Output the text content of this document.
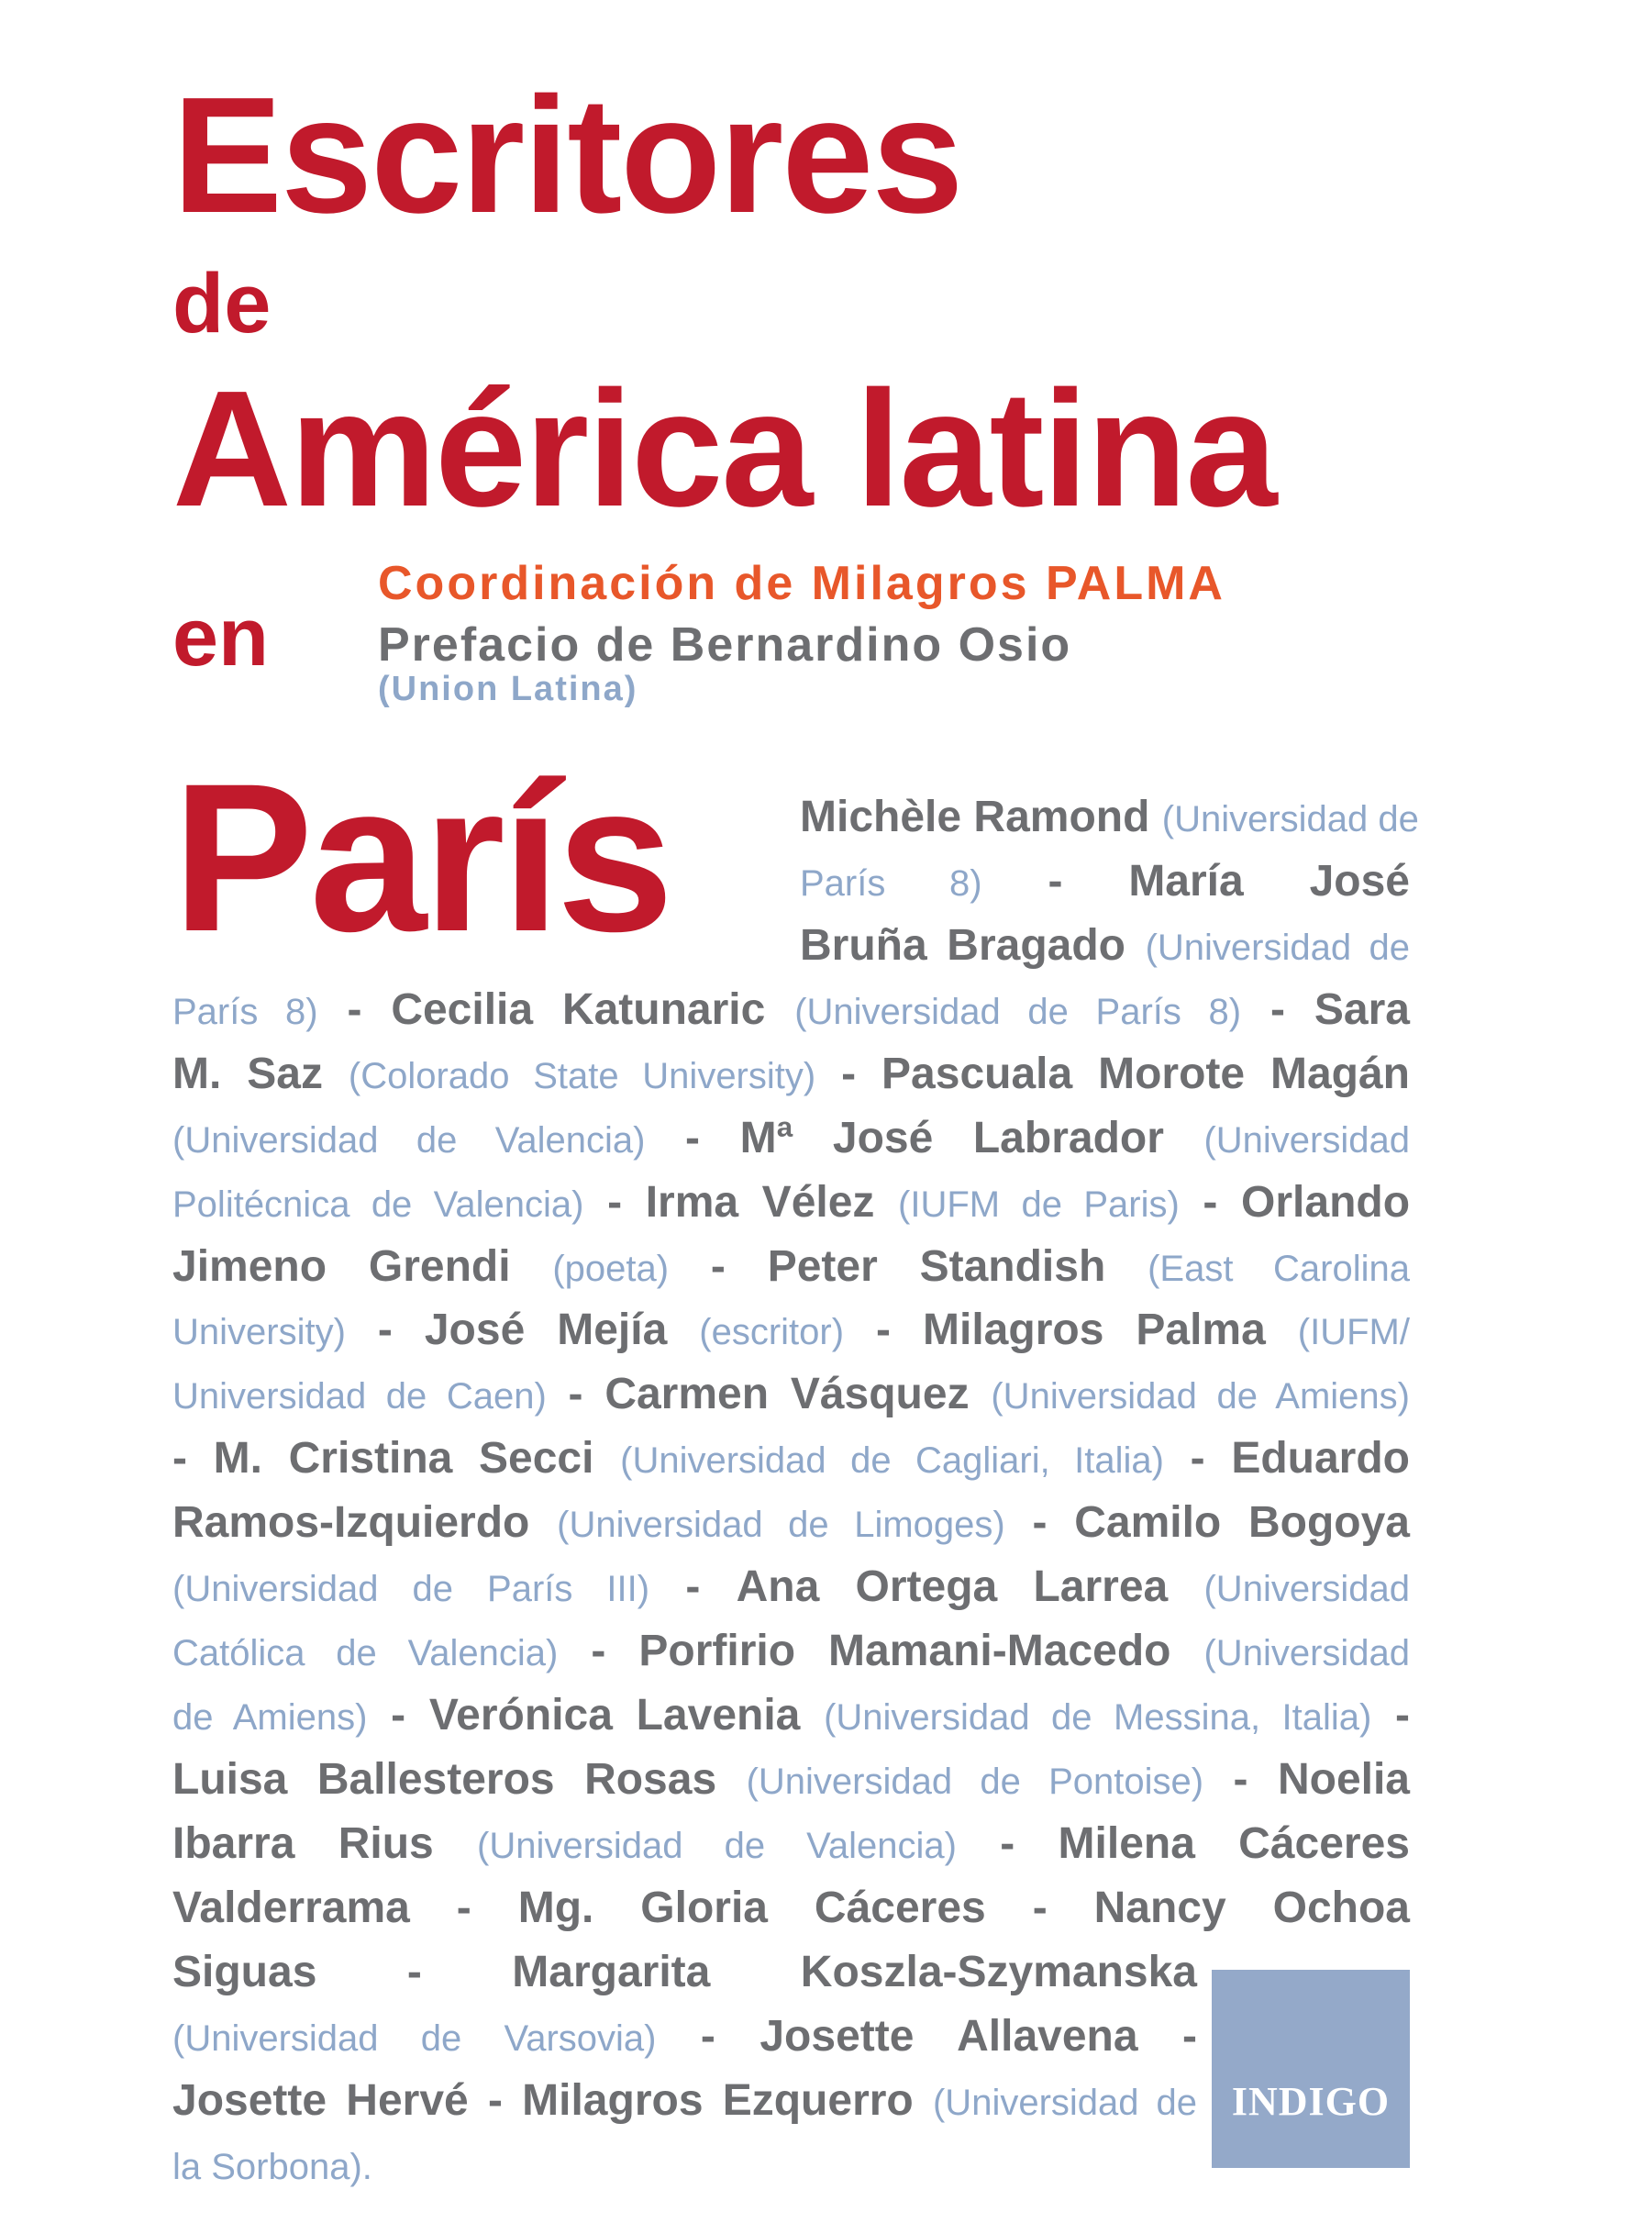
Escritores
de
América latina
en
París
Coordinación de Milagros PALMA
Prefacio de Bernardino Osio
(Union Latina)
Michèle Ramond (Universidad de
París 8) - María José
Bruña Bragado (Universidad de
París 8) - Cecilia Katunaric (Universidad de París 8) - Sara
M. Saz (Colorado State University) - Pascuala Morote Magán
(Universidad de Valencia) - Mª José Labrador (Universidad
Politécnica de Valencia) - Irma Vélez (IUFM de Paris) - Orlando
Jimeno Grendi (poeta) - Peter Standish (East Carolina
University) - José Mejía (escritor) - Milagros Palma (IUFM/
Universidad de Caen) - Carmen Vásquez (Universidad de Amiens)
- M. Cristina Secci (Universidad de Cagliari, Italia) - Eduardo
Ramos-Izquierdo (Universidad de Limoges) - Camilo Bogoya
(Universidad de París III) - Ana Ortega Larrea (Universidad
Católica de Valencia) - Porfirio Mamani-Macedo (Universidad
de Amiens) - Verónica Lavenia (Universidad de Messina, Italia) -
Luisa Ballesteros Rosas (Universidad de Pontoise) - Noelia
Ibarra Rius (Universidad de Valencia) - Milena Cáceres
Valderrama - Mg. Gloria Cáceres - Nancy Ochoa
Siguas - Margarita Koszla-Szymanska
(Universidad de Varsovia) - Josette Allavena -
Josette Hervé - Milagros Ezquerro (Universidad de
la Sorbona).
INDIGO
